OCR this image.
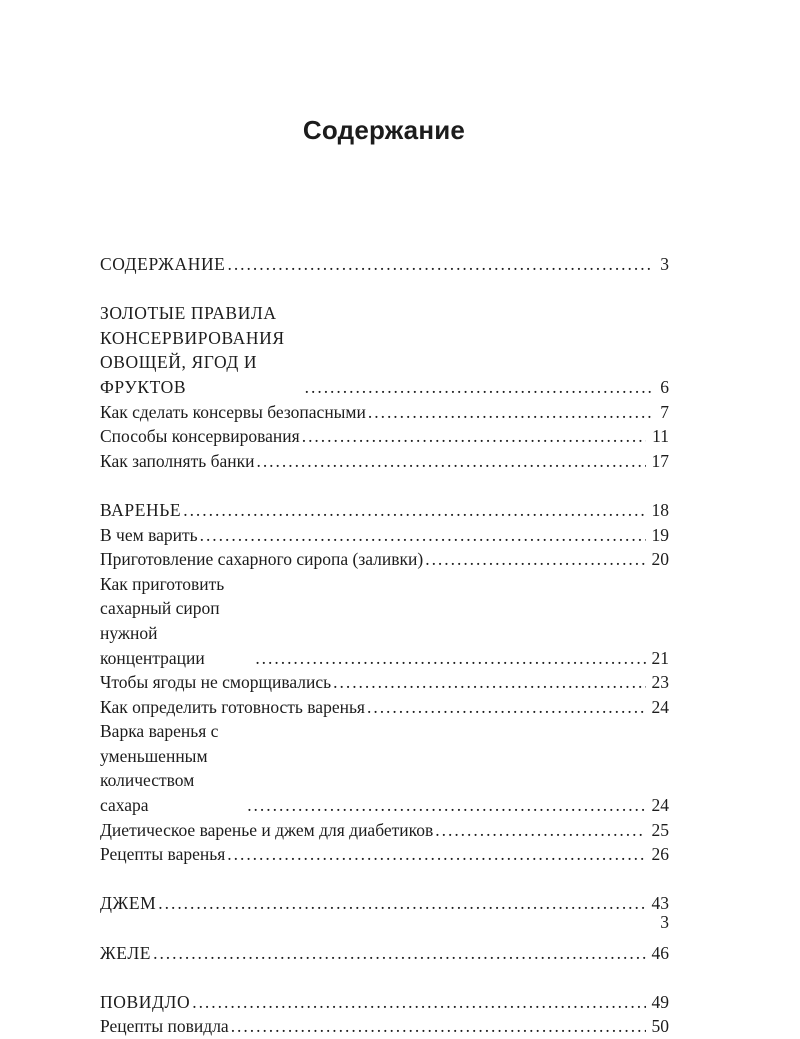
Содержание
СОДЕРЖАНИЕ . . .	3
ЗОЛОТЫЕ ПРАВИЛА КОНСЕРВИРОВАНИЯ
ОВОЩЕЙ, ЯГОД И ФРУКТОВ . . .	6
Как сделать консервы безопасными . . .	7
Способы консервирования . . .	11
Как заполнять банки . . .	17
ВАРЕНЬЕ . . .	18
В чем варить . . .	19
Приготовление сахарного сиропа (заливки) . . .	20
Как приготовить сахарный сироп
нужной концентрации . . .	21
Чтобы ягоды не сморщивались . . .	23
Как определить готовность варенья . . .	24
Варка варенья с уменьшенным
количеством сахара . . .	24
Диетическое варенье и джем для диабетиков . . .	25
Рецепты варенья . . .	26
ДЖЕМ . . .	43
ЖЕЛЕ . . .	46
ПОВИДЛО . . .	49
Рецепты повидла . . .	50
3
